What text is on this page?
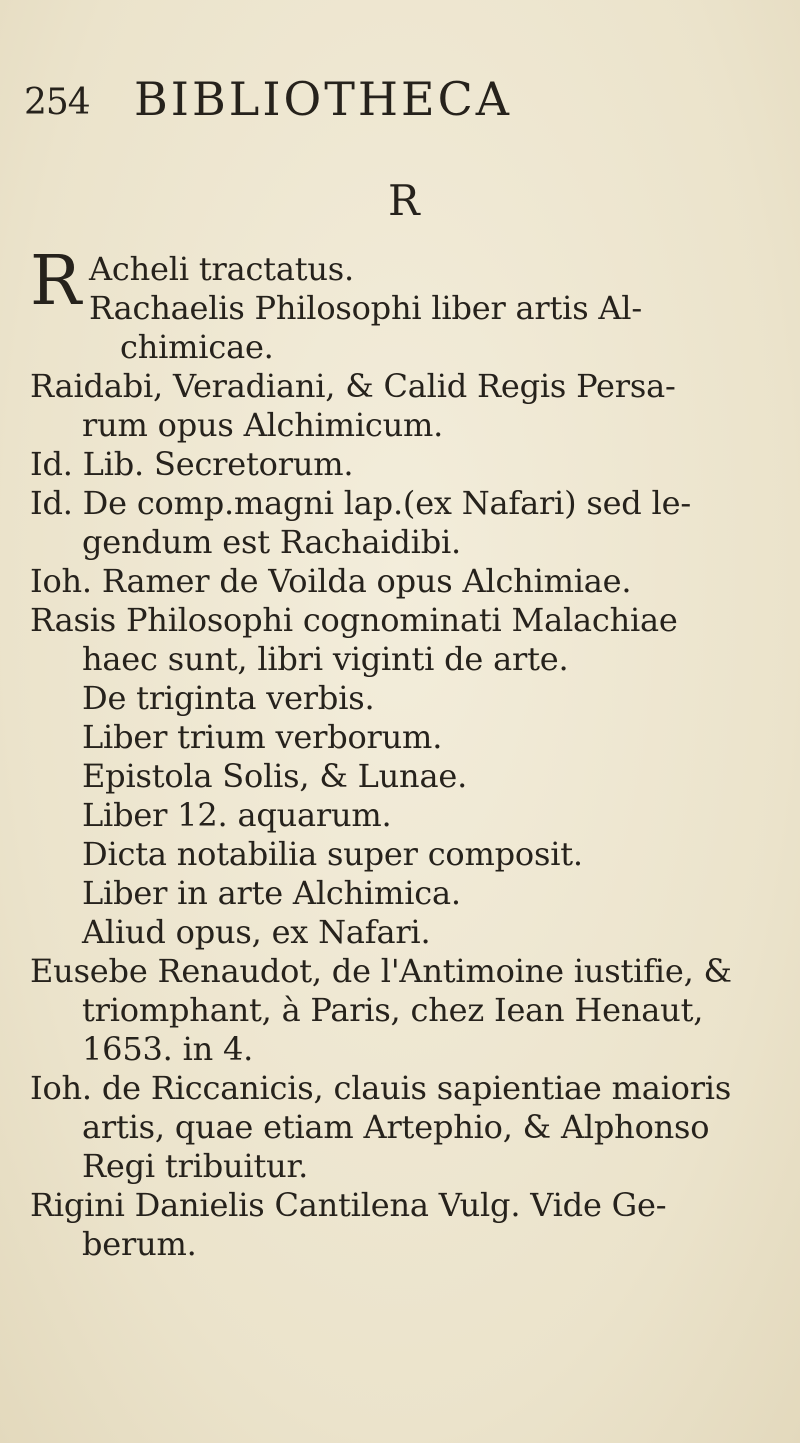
254 BIBLIOTHECA
R
R Acheli tractatus.
Rachaelis Philosophi liber artis Al-
chimicae.
Raidabi, Veradiani, & Calid Regis Persa-
rum opus Alchimicum.
Id. Lib. Secretorum.
Id. De comp.magni lap.(ex Nafari) sed le-
gendum est Rachaidibi.
Ioh. Ramer de Voilda opus Alchimiae.
Rasis Philosophi cognominati Malachiae
haec sunt, libri viginti de arte.
De triginta verbis.
Liber trium verborum.
Epistola Solis, & Lunae.
Liber 12. aquarum.
Dicta notabilia super composit.
Liber in arte Alchimica.
Aliud opus, ex Nafari.
Eusebe Renaudot, de l'Antimoine iustifie, &
triomphant, à Paris, chez Iean Henaut,
1653. in 4.
Ioh. de Riccanicis, clauis sapientiae maioris
artis, quae etiam Artephio, & Alphonso
Regi tribuitur.
Rigini Danielis Cantilena Vulg. Vide Ge-
berum.
